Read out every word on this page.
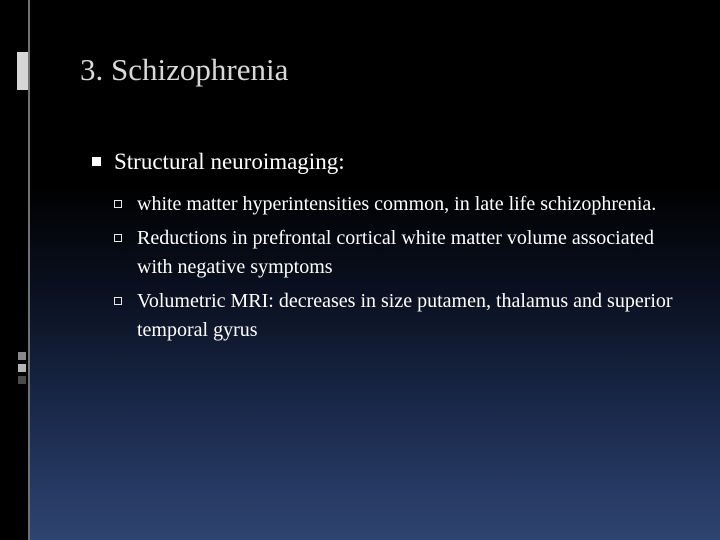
3. Schizophrenia
Structural neuroimaging:
white matter hyperintensities common, in late life schizophrenia.
Reductions in prefrontal cortical white matter volume associated with negative symptoms
Volumetric MRI: decreases in size putamen, thalamus and superior temporal gyrus
